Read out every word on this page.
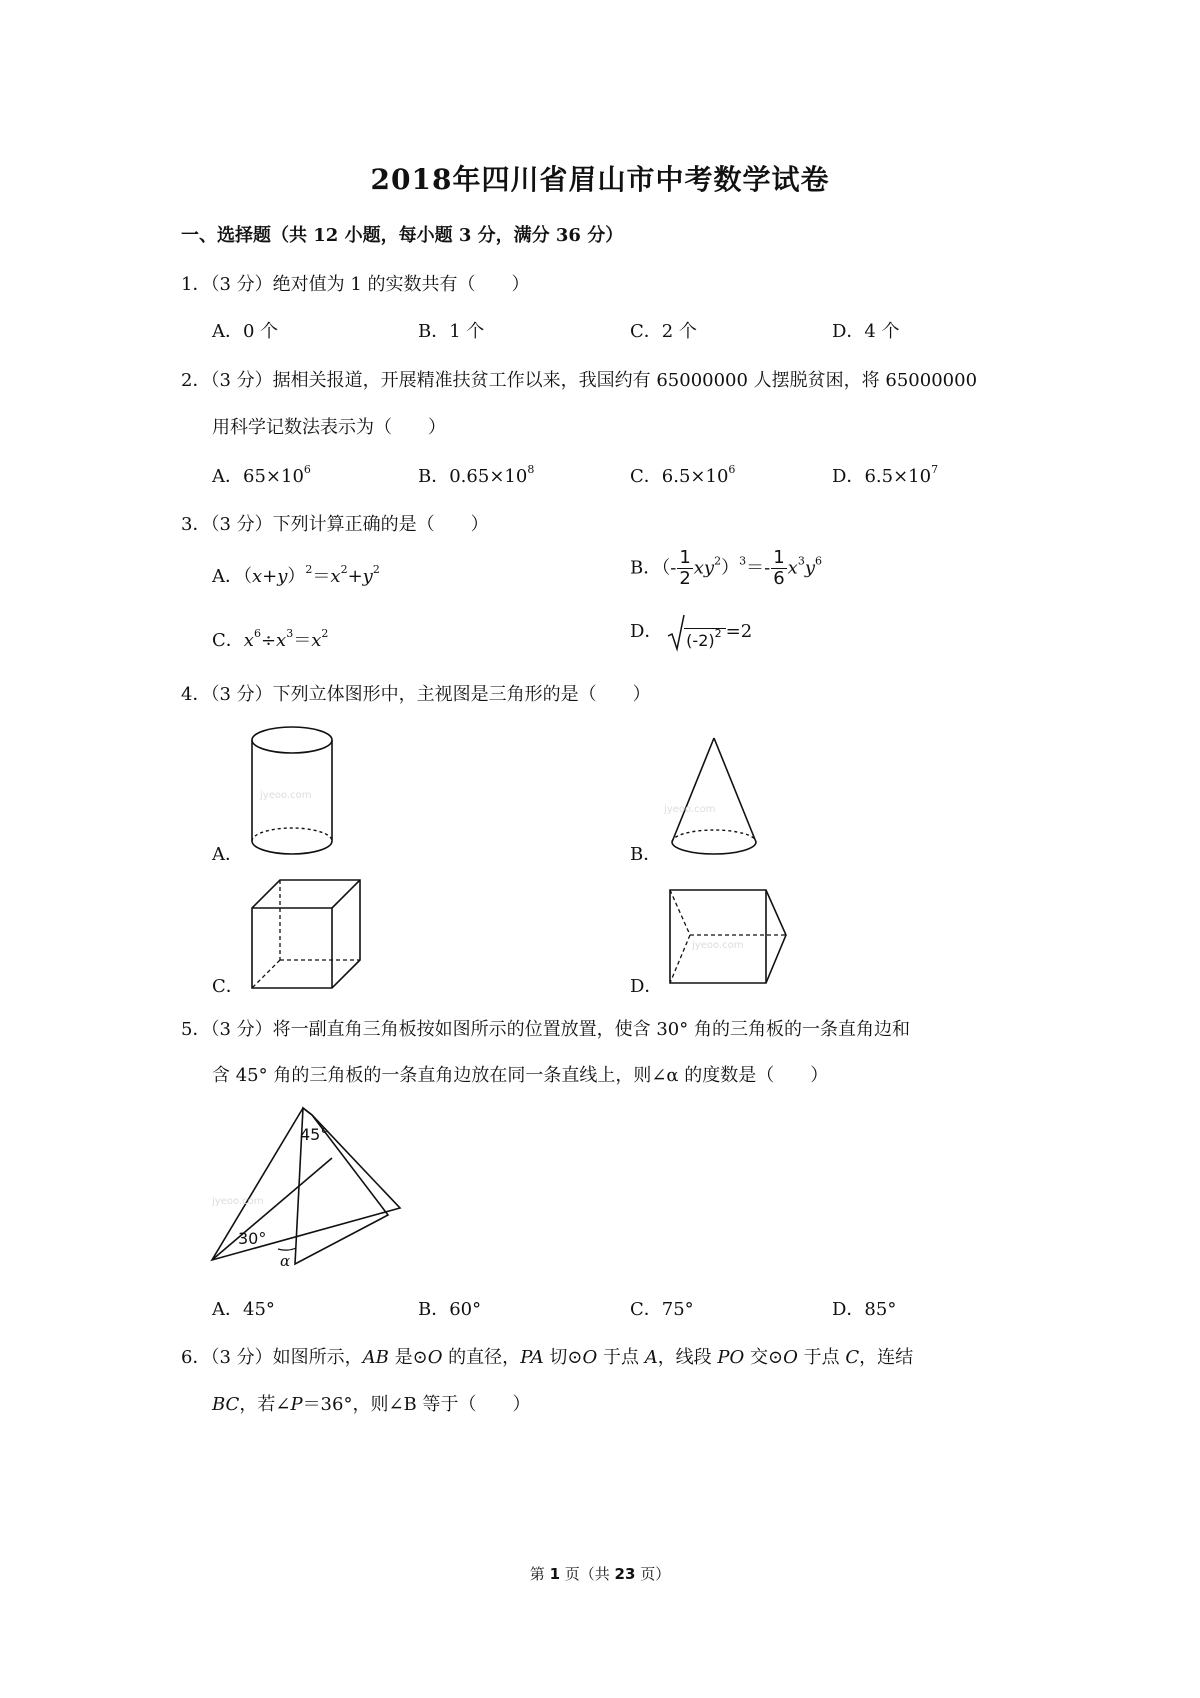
2018年四川省眉山市中考数学试卷
一、选择题（共 12 小题，每小题 3 分，满分 36 分）
1．（3 分）绝对值为 1 的实数共有（　　）
A．0 个	B．1 个	C．2 个	D．4 个
2．（3 分）据相关报道，开展精准扶贫工作以来，我国约有 65000000 人摆脱贫困，将 65000000
用科学记数法表示为（　　）
A．$65\times 10^6$	B．$0.65\times 10^8$	C．$6.5\times 10^6$	D．$6.5\times 10^7$
3．（3 分）下列计算正确的是（　　）
A．$(x+y)^2=x^2+y^2$	B．（- $\frac{1}{2} xy^2)^3=- \frac{1}{6} x^3y^6$
C．$x^6\div x^3=x^2$	D． $(-2)^2 =2$
4．（3 分）下列立体图形中，主视图是三角形的是（　　）
jyeoo.com
A．
jyeoo.com
B．
C．
jyeoo.com
D．
5．（3 分）将一副直角三角板按如图所示的位置放置，使含 30° 角的三角板的一条直角边和
含 45° 角的三角板的一条直角边放在同一条直线上，则∠α 的度数是（　　）
45°
30°
α
jyeoo.com
A．45°	B．60°	C．75°	D．85°
6．（3 分）如图所示，AB 是⊙O 的直径，PA 切⊙O 于点 A，线段 PO 交⊙O 于点 C，连结
BC，若∠P＝36°，则∠B 等于（　　）
第 1 页（共 23 页）
